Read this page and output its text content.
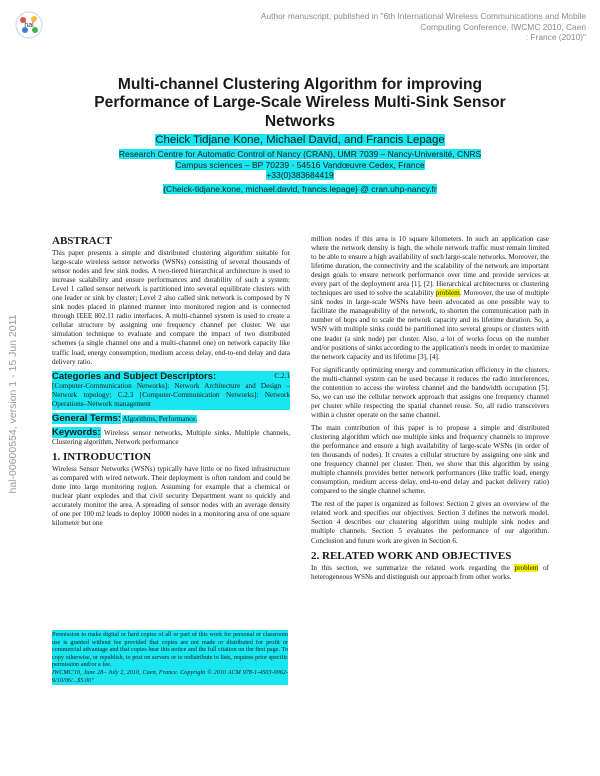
hal
Author manuscript, published in "6th International Wireless Communications and Mobile Computing Conference, IWCMC 2010, Caen
: France (2010)"
hal-00600554, version 1 - 15 Jun 2011
Multi-channel Clustering Algorithm for improving
Performance of Large-Scale Wireless Multi-Sink Sensor
Networks
Cheick Tidjane Kone, Michael David, and Francis Lepage
Research Centre for Automatic Control of Nancy (CRAN), UMR 7039 – Nancy-Université, CNRS
Campus sciences – BP 70239 · 54516 Vandœuvre Cedex, France
+33(0)383684419
{Cheick-tidjane.kone, michael.david, francis.lepage} @ cran.uhp-nancy.fr
ABSTRACT

This paper presents a simple and distributed clustering algorithm suitable for large-scale wireless sensor networks (WSNs) consisting of several thousands of sensor nodes and few sink nodes. A two-tiered hierarchical architecture is used to increase scalability and ensure performances and durability of such a system: Level 1 called sensor network is partitioned into several equilibrate clusters with one leader or sink by cluster; Level 2 also called sink network is composed by N sink nodes placed in planned manner into monitored region and is connected through IEEE 802.11 radio interfaces. A multi-channel system is used to create a cellular structure by assigning one frequency channel per cluster. We use simulation technique to evaluate and compare the impact of two distributed schemes (a single channel one and a multi-channel one) on network capacity like traffic load, energy consumption, medium access delay, end-to-end delay and data delivery ratio.

Categories and Subject Descriptors:	C.2.1
[Computer-Communication Networks]: Network Architecture and Design – Network topology; C.2.3 [Computer-Communication Networks]: Network Operations–Network management
General Terms: Algorithms, Performance.
Keywords: Wireless sensor networks, Multiple sinks, Multiple channels, Clustering algorithm, Network performance
1. INTRODUCTION

Wireless Sensor Networks (WSNs) typically have little or no fixed infrastructure as compared with wired network. Their deployment is often random and could be done into large monitoring region. Assuming for example that a chemical or nuclear plant explodes and that civil security Department want to quickly and accurately monitor the area. A spreading of sensor nodes with an average density of one per 100 m2 leads to deploy 10000 nodes in a monitoring area of one square kilometer but one

Permission to make digital or hard copies of all or part of this work for personal or classroom use is granted without fee provided that copies are not made or distributed for profit or commercial advantage and that copies bear this notice and the full citation on the first page. To copy otherwise, or republish, to post on servers or to redistribute to lists, requires prior specific permission and/or a fee.
IWCMC'10, June 28– July 2, 2010, Caen, France. Copyright © 2010 ACM 978-1-4503-0062-9/10/06/...$5.00"

million nodes if this area is 10 square kilometers. In such an application case where the network density is high, the whole network traffic must remain limited to be able to ensure a high availability of such large-scale networks. Moreover, the lifetime duration, the connectivity and the scalability of the network are important design goals to ensure network performance over time and provide services at every part of the deployment area [1], [2]. Hierarchical architectures or clustering techniques are used to solve the scalability problem. Moreover, the use of multiple sink nodes in large-scale WSNs have been advocated as one possible way to facilitate the manageability of the network, to shorten the communication path in number of hops and to scale the network capacity and its lifetime duration. So, a WSN with multiple sinks could be partitioned into several groups or clusters with one leader (a sink node) per cluster. Also, a lot of works focus on the number and/or positions of sinks according to the application's needs in order to maximize the network capacity and its lifetime [3], [4].

For significantly optimizing energy and communication efficiency in the clusters, the multi-channel system can be used because it reduces the radio interferences, the contention to access the wireless channel and the bandwidth occupation [5]. So, we can use the cellular network approach that assigns one frequency channel per cluster while respecting the spatial channel reuse. So, all radio transceivers within a cluster operate on the same channel.

The main contribution of this paper is to propose a simple and distributed clustering algorithm which use multiple sinks and frequency channels to improve the performance and ensure a high availability of large-scale WSNs (in order of ten thousands of nodes). It creates a cellular structure by assigning one sink and one frequency channel per cluster. Then, we show that this algorithm by using multiple channels provides better network performances (like traffic load, energy consumption, medium access delay, end-to-end delay and packet delivery ratio) compared to the single channel scheme.

The rest of the paper is organized as follows: Section 2 gives an overview of the related work and specifies our objectives. Section 3 defines the network model. Section 4 describes our clustering algorithm using multiple sink nodes and multiple channels. Section 5 evaluates the performance of our algorithm. Conclusion and future work are given in Section 6.

2. RELATED WORK AND OBJECTIVES

In this section, we summarize the related work regarding the problem of heterogeneous WSNs and distinguish our approach from other works.
